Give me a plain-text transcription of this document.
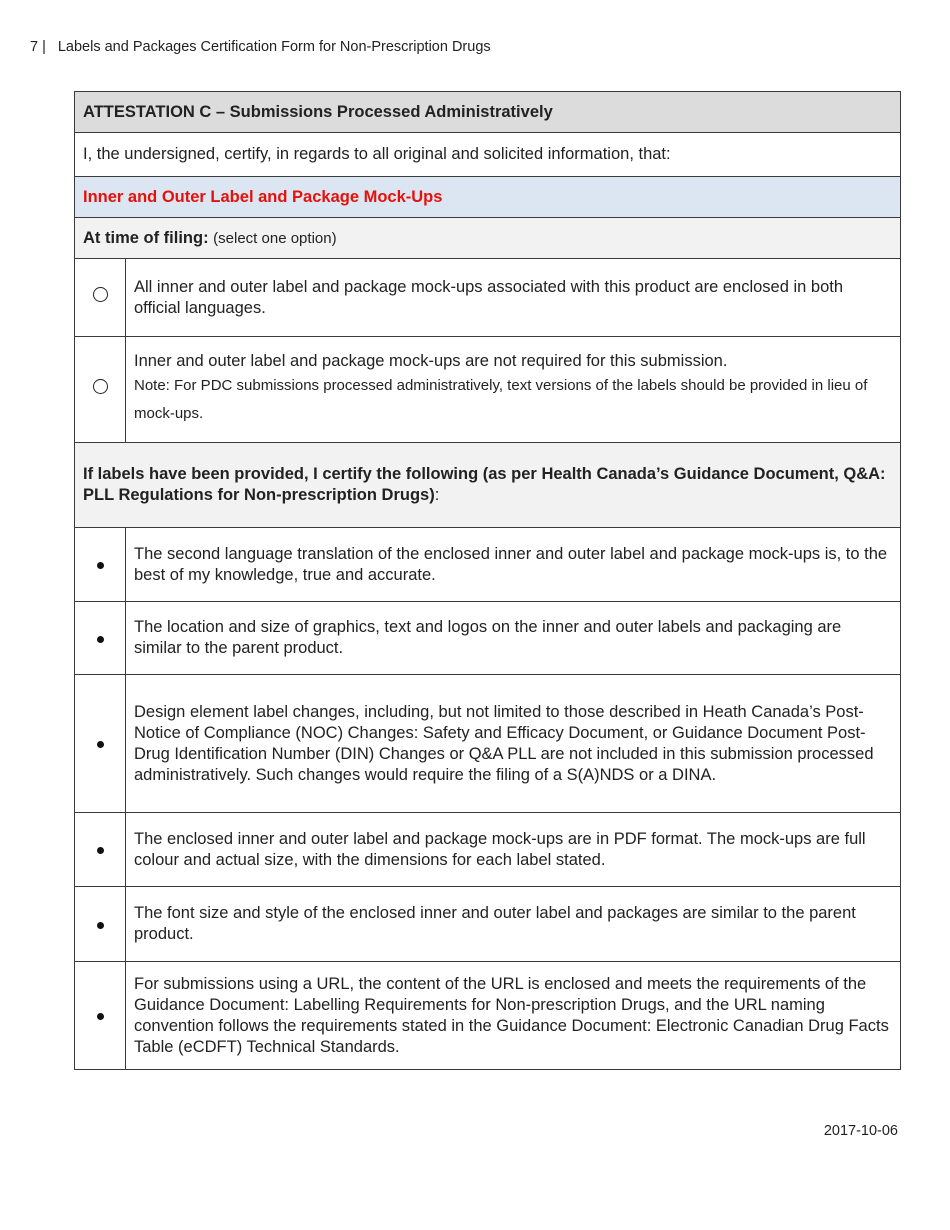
7 | Labels and Packages Certification Form for Non-Prescription Drugs
ATTESTATION C – Submissions Processed Administratively	
I, the undersigned, certify, in regards to all original and solicited information, that:	
Inner and Outer Label and Package Mock-Ups	
At time of filing: (select one option)	
	All inner and outer label and package mock-ups associated with this product are enclosed in both official languages.

	Inner and outer label and package mock-ups are not required for this submission.
Note: For PDC submissions processed administratively, text versions of the labels should be provided in lieu of mock-ups.

If labels have been provided, I certify the following (as per Health Canada’s Guidance Document, Q&A: PLL Regulations for Non-prescription Drugs):	
	The second language translation of the enclosed inner and outer label and package mock-ups is, to the best of my knowledge, true and accurate.
	The location and size of graphics, text and logos on the inner and outer labels and packaging are similar to the parent product.
	Design element label changes, including, but not limited to those described in Heath Canada’s Post-Notice of Compliance (NOC) Changes: Safety and Efficacy Document, or Guidance Document Post-Drug Identification Number (DIN) Changes or Q&A PLL are not included in this submission processed administratively. Such changes would require the filing of a S(A)NDS or a DINA.
	The enclosed inner and outer label and package mock-ups are in PDF format. The mock-ups are full colour and actual size, with the dimensions for each label stated.
	The font size and style of the enclosed inner and outer label and packages are similar to the parent product.
	For submissions using a URL, the content of the URL is enclosed and meets the requirements of the Guidance Document: Labelling Requirements for Non-prescription Drugs, and the URL naming convention follows the requirements stated in the Guidance Document: Electronic Canadian Drug Facts Table (eCDFT) Technical Standards.
2017-10-06
